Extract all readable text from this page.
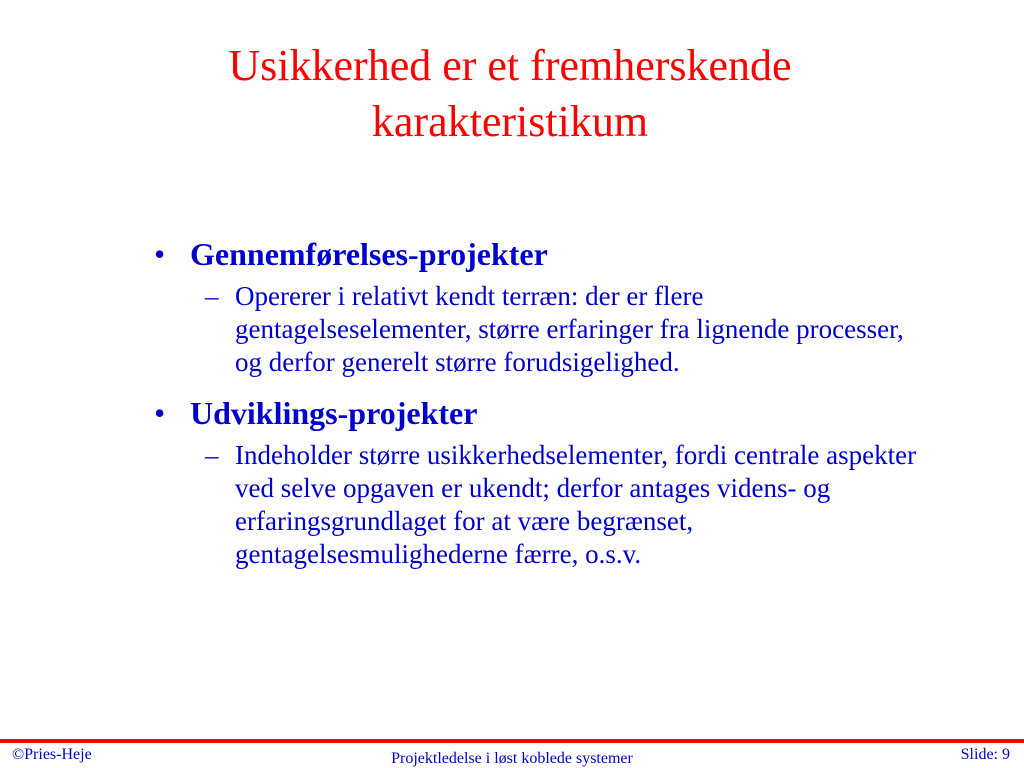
Usikkerhed er et fremherskende karakteristikum
• Gennemførelses-projekter
– Opererer i relativt kendt terræn: der er flere gentagelseselementer, større erfaringer fra lignende processer, og derfor generelt større forudsigelighed.
• Udviklings-projekter
– Indeholder større usikkerhedselementer, fordi centrale aspekter ved selve opgaven er ukendt; derfor antages videns- og erfaringsgrundlaget for at være begrænset, gentagelsesmulighederne færre, o.s.v.
©Pries-Heje	Projektledelse i løst koblede systemer	Slide: 9
